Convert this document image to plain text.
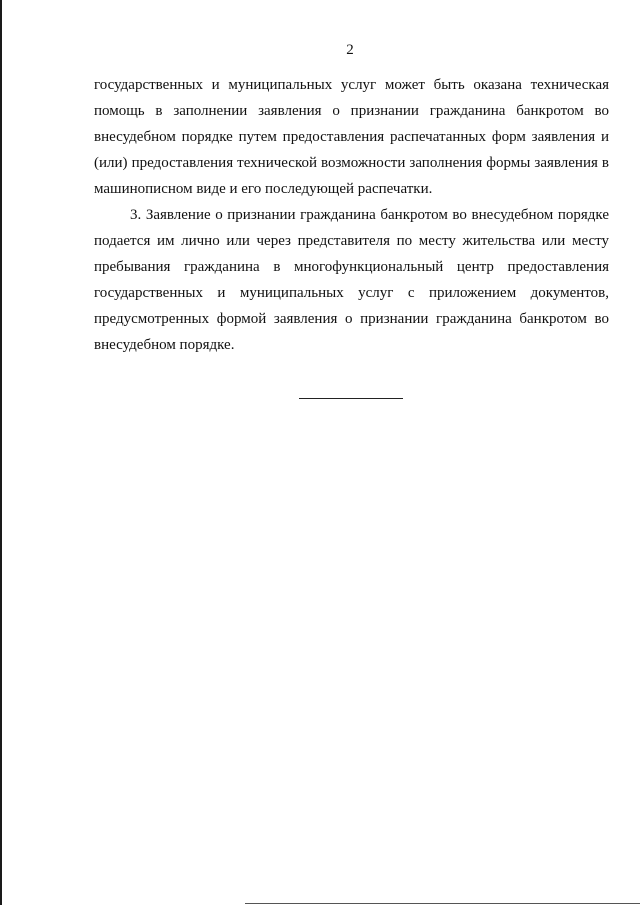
2

государственных и муниципальных услуг может быть оказана техническая помощь в заполнении заявления о признании гражданина банкротом во внесудебном порядке путем предоставления распечатанных форм заявления и (или) предоставления технической возможности заполнения формы заявления в машинописном виде и его последующей распечатки.

3. Заявление о признании гражданина банкротом во внесудебном порядке подается им лично или через представителя по месту жительства или месту пребывания гражданина в многофункциональный центр предоставления государственных и муниципальных услуг с приложением документов, предусмотренных формой заявления о признании гражданина банкротом во внесудебном порядке.
